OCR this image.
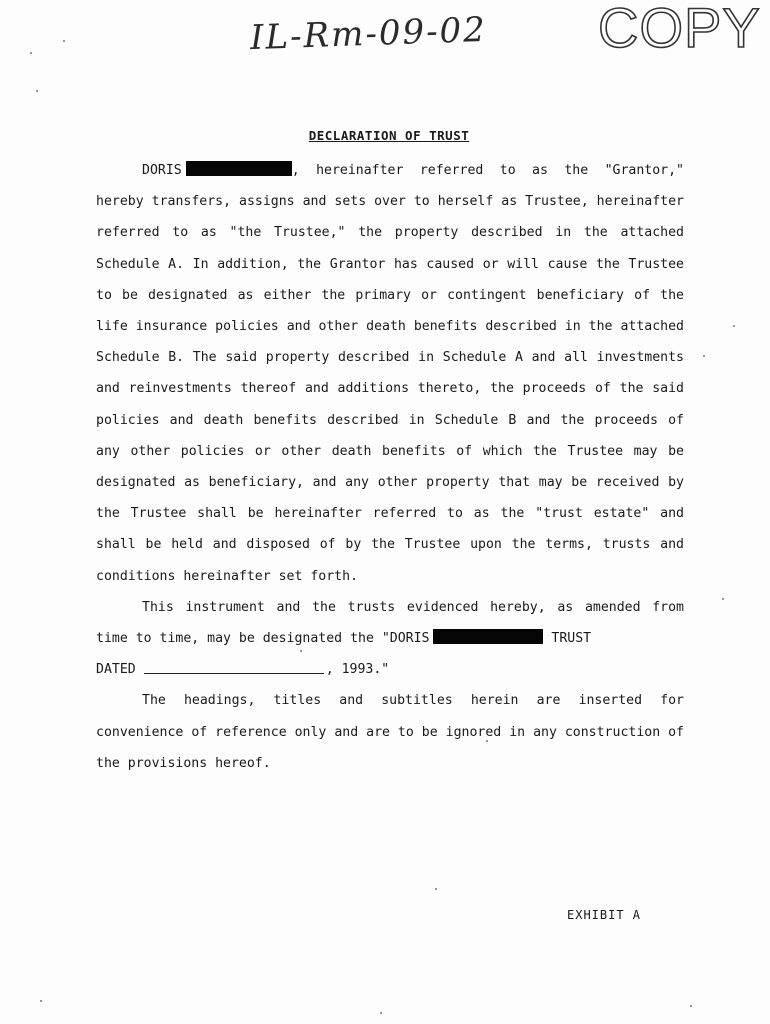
IL-Rm-09-02 COPY
DECLARATION OF TRUST

DORIS	, hereinafter referred to as the "Grantor," hereby transfers, assigns and sets over to herself as Trustee, hereinafter referred to as "the Trustee," the property described in the attached Schedule A. In addition, the Grantor has caused or will cause the Trustee to be designated as either the primary or contingent beneficiary of the life insurance policies and other death benefits described in the attached Schedule B. The said property described in Schedule A and all investments and reinvestments thereof and additions thereto, the proceeds of the said policies and death benefits described in Schedule B and the proceeds of any other policies or other death benefits of which the Trustee may be designated as beneficiary, and any other property that may be received by the Trustee shall be hereinafter referred to as the "trust estate" and shall be held and disposed of by the Trustee upon the terms, trusts and conditions hereinafter set forth.

This instrument and the trusts evidenced hereby, as amended from time to time, may be designated the "DORIS	TRUST

DATED	, 1993."

The headings, titles and subtitles herein are inserted for convenience of reference only and are to be ignored in any construction of the provisions hereof.

EXHIBIT A
